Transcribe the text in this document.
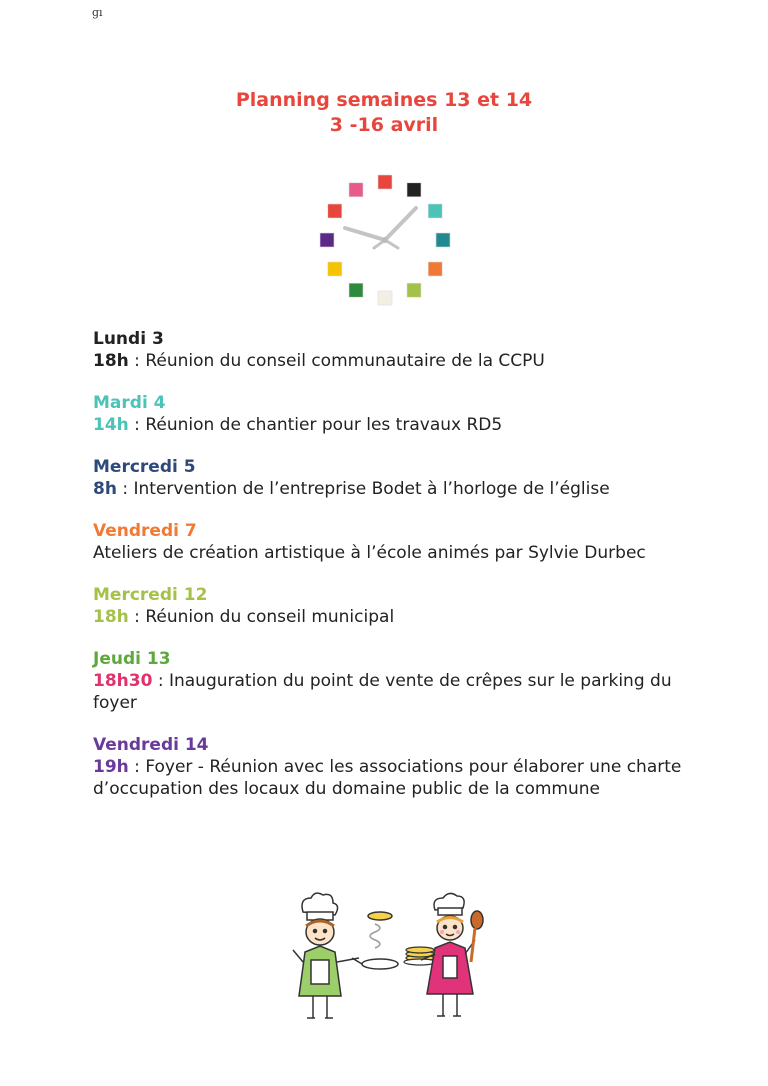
gı
Planning semaines 13 et 14
3 -16 avril
Lundi 3
18h : Réunion du conseil communautaire de la CCPU
Mardi 4
14h : Réunion de chantier pour les travaux RD5
Mercredi 5
8h : Intervention de l’entreprise Bodet à l’horloge de l’église
Vendredi 7
Ateliers de création artistique à l’école animés par Sylvie Durbec
Mercredi 12
18h : Réunion du conseil municipal
Jeudi 13
18h30 : Inauguration du point de vente de crêpes sur le parking du foyer
Vendredi 14
19h : Foyer - Réunion avec les associations pour élaborer une charte d’occupation des locaux du domaine public de la commune
